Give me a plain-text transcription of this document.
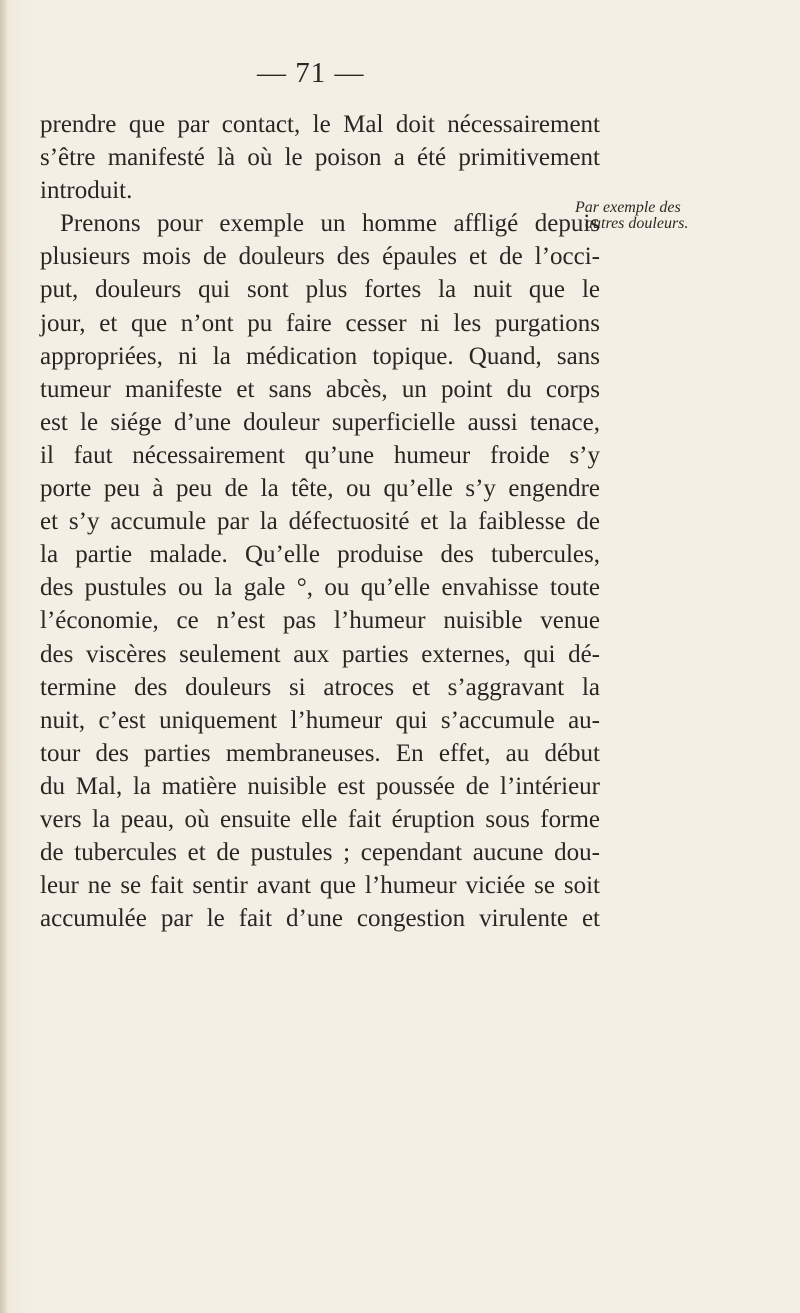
— 71 —
Par exemple des
autres douleurs.
prendre que par contact, le Mal doit nécessairement
s’être manifesté là où le poison a été primitivement
introduit.
Prenons pour exemple un homme affligé depuis
plusieurs mois de douleurs des épaules et de l’occi-
put, douleurs qui sont plus fortes la nuit que le
jour, et que n’ont pu faire cesser ni les purgations
appropriées, ni la médication topique. Quand, sans
tumeur manifeste et sans abcès, un point du corps
est le siége d’une douleur superficielle aussi tenace,
il faut nécessairement qu’une humeur froide s’y
porte peu à peu de la tête, ou qu’elle s’y engendre
et s’y accumule par la défectuosité et la faiblesse de
la partie malade. Qu’elle produise des tubercules,
des pustules ou la gale °, ou qu’elle envahisse toute
l’économie, ce n’est pas l’humeur nuisible venue
des viscères seulement aux parties externes, qui dé-
termine des douleurs si atroces et s’aggravant la
nuit, c’est uniquement l’humeur qui s’accumule au-
tour des parties membraneuses. En effet, au début
du Mal, la matière nuisible est poussée de l’intérieur
vers la peau, où ensuite elle fait éruption sous forme
de tubercules et de pustules ; cependant aucune dou-
leur ne se fait sentir avant que l’humeur viciée se soit
accumulée par le fait d’une congestion virulente et
